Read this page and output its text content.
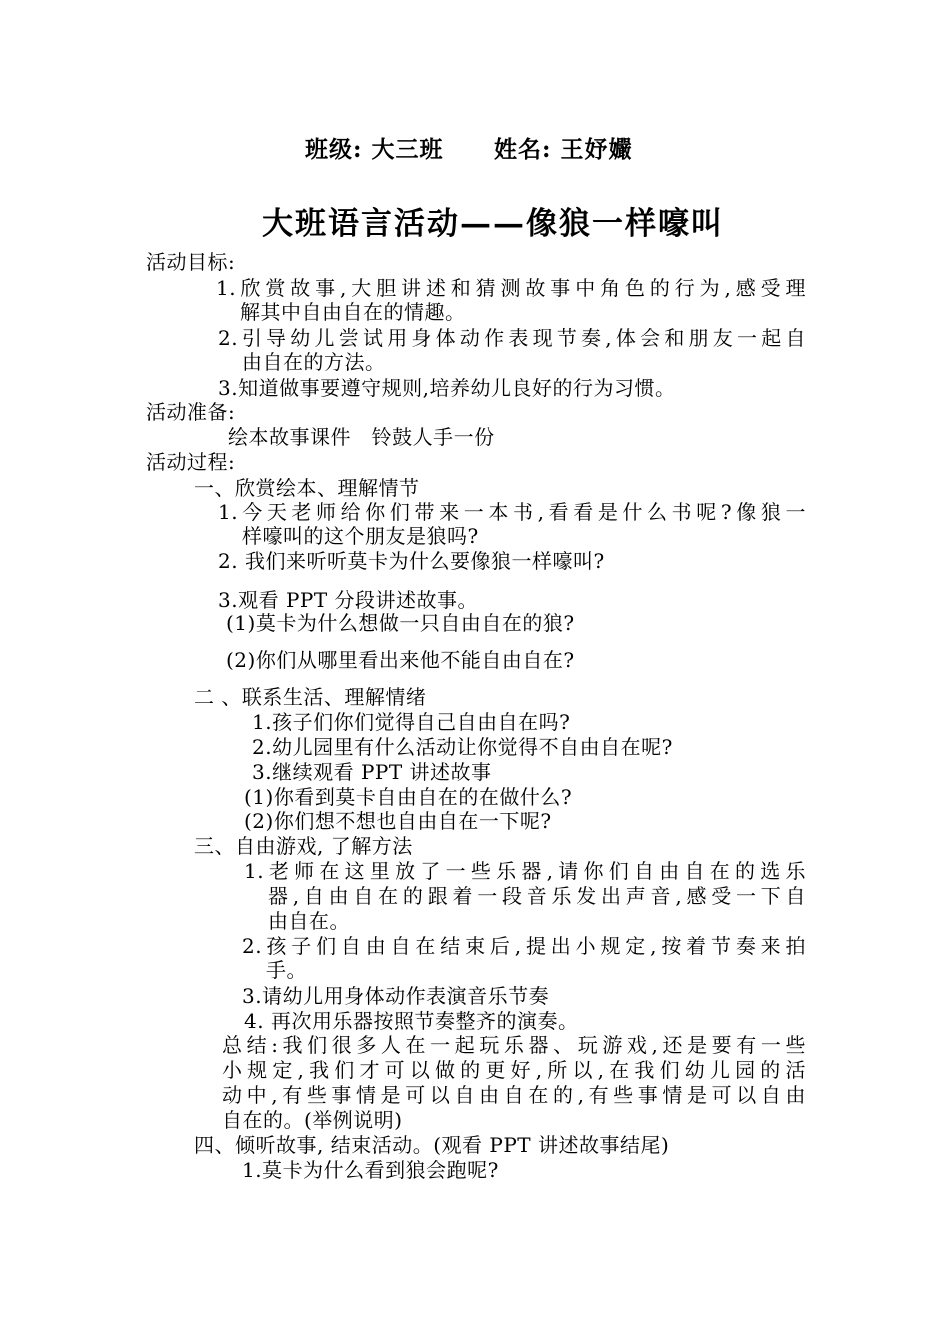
班级: 大三班 姓名: 王妤孍
大班语言活动——像狼一样嚎叫
活动目标:
1.欣赏故事,大胆讲述和猜测故事中角色的行为,感受理
解其中自由自在的情趣。
2.引导幼儿尝试用身体动作表现节奏,体会和朋友一起自
由自在的方法。
3.知道做事要遵守规则,培养幼儿良好的行为习惯。
活动准备:
绘本故事课件   铃鼓人手一份
活动过程:
一、欣赏绘本、理解情节
1.今天老师给你们带来一本书,看看是什么书呢?像狼一
样嚎叫的这个朋友是狼吗?
2. 我们来听听莫卡为什么要像狼一样嚎叫?
3.观看 PPT 分段讲述故事。
(1)莫卡为什么想做一只自由自在的狼?
(2)你们从哪里看出来他不能自由自在?
二 、联系生活、理解情绪
1.孩子们你们觉得自己自由自在吗?
2.幼儿园里有什么活动让你觉得不自由自在呢?
3.继续观看 PPT 讲述故事
(1)你看到莫卡自由自在的在做什么?
(2)你们想不想也自由自在一下呢?
三、自由游戏, 了解方法
1.老师在这里放了一些乐器,请你们自由自在的选乐
器,自由自在的跟着一段音乐发出声音,感受一下自
由自在。
2.孩子们自由自在结束后,提出小规定,按着节奏来拍
手。
3.请幼儿用身体动作表演音乐节奏
4. 再次用乐器按照节奏整齐的演奏。
总结:我们很多人在一起玩乐器、玩游戏,还是要有一些
小规定,我们才可以做的更好,所以,在我们幼儿园的活
动中,有些事情是可以自由自在的,有些事情是可以自由
自在的。(举例说明)
四、倾听故事, 结束活动。(观看 PPT 讲述故事结尾)
1.莫卡为什么看到狼会跑呢?
